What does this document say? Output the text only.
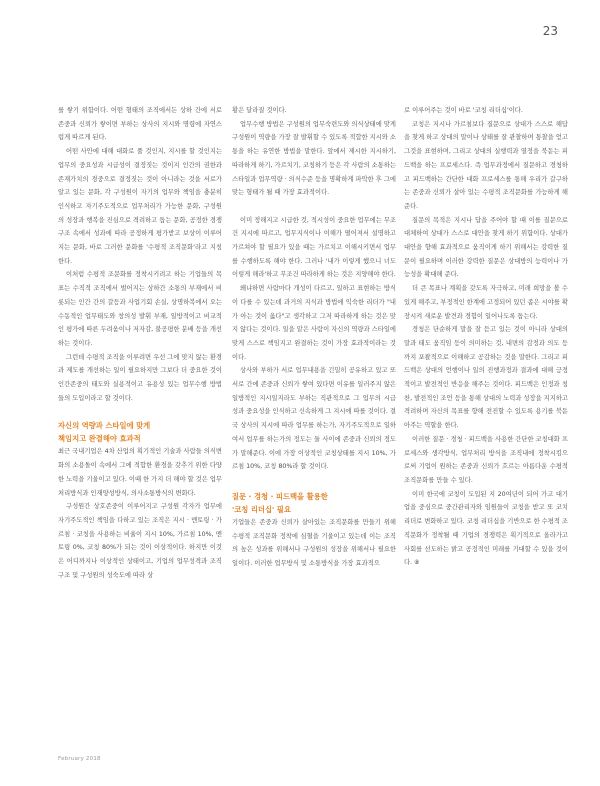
23

를 쌓기 위함이다. 어떤 형태의 조직에서든 상하 간에 서로 존중과 신뢰가 쌓이면 부하는 상사의 지시와 명령에 자연스럽게 따르게 된다.

어떤 사안에 대해 대화로 풀 것인지, 지시를 할 것인지는 업무의 중요성과 시급성이 결정짓는 것이지 인간의 권한과 존재가치의 경중으로 결정짓는 것이 아니라는 것을 서로가 알고 있는 문화, 각 구성원이 자기의 업무와 책임을 충분히 인식하고 자기주도적으로 업무처리가 가능한 문화, 구성원의 성장과 행복을 진심으로 격려하고 돕는 문화, 공정한 경쟁구조 속에서 성과에 따라 공정하게 평가받고 보상이 이루어지는 문화, 바로 그러한 문화를 '수평적 조직문화'라고 지칭한다.

이처럼 수평적 조문화를 정착시키려고 하는 기업들의 목표는 수직적 조직에서 벌어지는 상하간 소통의 부재에서 비롯되는 인간 간의 갈등과 사업기회 손실, 상명하복에서 오는 수동적인 업무태도와 창의성 발휘 부재, 일방적이고 비교적인 평가에 따른 두려움이나 저자감, 불공평한 분배 등을 개선하는 것이다.

그런데 수평적 조직을 이루려면 우선 그에 맞지 않는 환경과 제도를 개선하는 일이 필요하지만 그보다 더 중요한 것이 인간존중의 태도와 실용적이고 유용성 있는 업무수행 방법들의 도입이라고 할 것이다.

자신의 역량과 스타일에 맞게
책임지고 완결해야 효과적

최근 국내기업은 4차 산업의 획기적인 기술과 사람들 의식변화의 소용돌이 속에서 그에 적합한 환경을 갖추기 위한 다양한 노력을 기울이고 있다. 이때 한 가지 더 해야 할 것은 업무처리방식과 인재양성방식, 의사소통방식의 변화다.

구성원간 상호존중이 이루어지고 구성원 각자가 업무에 자기주도적인 책임을 다하고 있는 조직은 지시 · 멘토링 · 가르침 · 코칭을 사용하는 비율이 지시 10%, 가르침 10%, 멘토링 0%, 코칭 80%가 되는 것이 이상적이다. 하지만 이것은 어디까지나 이상적인 상태이고, 기업의 업무성격과 조직구조 및 구성원의 성숙도에 따라 상

황은 달라질 것이다.

업무수행 방법은 구성원의 업무숙련도와 의식상태에 맞게 구성원이 역량을 가장 잘 발휘할 수 있도록 적합한 지시와 소통을 하는 유연한 방법을 말한다. 앞에서 제시한 지시하기, 따라하게 하기, 가르치기, 코칭하기 등은 각 사람의 소통하는 스타일과 업무역량 · 의식수준 등을 명확하게 파악한 후 그에 맞는 형태가 될 때 가장 효과적이다.

이미 정해지고 시급한 것, 적시성이 중요한 업무에는 무조건 지시에 따르고, 업무지식이나 이해가 떨어져서 설명하고 가르쳐야 할 필요가 있을 때는 가르치고 이해시키면서 업무를 수행하도록 해야 한다. 그러나 '내가 이렇게 했으니 너도 이렇게 해라'하고 무조건 따라하게 하는 것은 지양해야 한다.

왜냐하면 사람마다 개성이 다르고, 일하고 표현하는 방식이 다를 수 있는데 과거의 지식과 방법에 익숙한 리더가 "내가 아는 것이 옳다"고 생각하고 그저 따라하게 하는 것은 맞지 않다는 것이다. 일을 맡은 사람이 자신의 역량과 스타일에 맞게 스스로 책임지고 완결하는 것이 가장 효과적이라는 것이다.

상사와 부하가 서로 업무내용을 긴밀히 공유하고 있고 또 서로 간에 존중과 신뢰가 쌓여 있다면 이유를 일러주지 않은 일방적인 지시일지라도 부하는 직관적으로 그 업무의 시급성과 중요성을 인식하고 신속하게 그 지시에 따를 것이다. 결국 상사의 지시에 따라 업무를 하는가, 자기주도적으로 일하여서 업무를 하는가의 정도는 둘 사이에 존중과 신뢰의 정도가 말해준다. 이에 가장 이상적인 코칭상태를 지시 10%, 가르침 10%, 코칭 80%라 할 것이다.

질문 · 경청 · 피드백을 활용한
'코칭 리더십' 필요

기업들은 존중과 신뢰가 살아있는 조직문화를 만들기 위해 수평적 조직문화 정착에 심혈을 기울이고 있는데 이는 조직의 높은 성과를 위해서나 구성원의 성장을 위해서나 필요한 일이다. 이러한 업무방식 및 소통방식을 가장 효과적으

로 이루어주는 것이 바로 '코칭 리더십'이다.

코칭은 지시나 가르침보다 질문으로 상대가 스스로 해답을 찾게 하고 상대의 말이나 상태를 잘 관찰하며 통찰을 얻고 그것을 표현하며, 그리고 상대의 실행력과 열정을 북돋는 피드백을 하는 프로세스다. 즉 업무과정에서 질문하고 경청하고 피드백하는 간단한 대화 프로세스를 통해 우리가 갈구하는 존중과 신뢰가 살아 있는 수평적 조직문화를 가능하게 해준다.

질문의 목적은 지시나 답을 주어야 할 때 이를 질문으로 대체하여 상대가 스스로 대안을 찾게 하기 위함이다. 상대가 대안을 향해 효과적으로 움직이게 하기 위해서는 강력한 질문이 필요하며 이러한 강력한 질문은 상대방의 능력이나 가능성을 확대해 준다.

더 큰 목표나 계획을 갖도록 자극하고, 미래 희망을 볼 수 있게 해주고, 부정적인 한계에 고정되어 있던 좁은 시야를 확장시켜 새로운 발견과 경험이 일어나도록 돕는다.

경청은 단순하게 말을 잘 듣고 있는 것이 아니라 상대의 말과 태도 움직임 등이 의미하는 것, 내면의 감정과 의도 등까지 포괄적으로 이해하고 공감하는 것을 말한다. 그리고 피드백은 상대의 언행이나 일의 진행과정과 결과에 대해 긍정적이고 발전적인 반응을 해주는 것이다. 피드백은 인정과 칭찬, 발전적인 조언 등을 통해 상대의 노력과 성장을 지지하고 격려하며 자신의 목표를 향해 전진할 수 있도록 용기를 북돋아주는 역할을 한다.

이러한 질문 · 경청 · 피드백을 사용한 간단한 코칭대화 프로세스와 생각방식, 업무처리 방식을 조직내에 정착시킴으로써 기업이 원하는 존중과 신뢰가 흐르는 아름다운 수평적 조직문화를 만들 수 있다.

이미 한국에 코칭이 도입된 지 20여년이 되어 가고 대기업을 중심으로 중간관리자와 임원들이 코칭을 받고 또 코치리더로 변화하고 있다. 코칭 리더십을 기반으로 한 수평적 조직문화가 정착될 때 기업의 경쟁력은 획기적으로 올라가고 사회를 선도하는 밝고 공정적인 미래를 기대할 수 있을 것이다. ⑧

February 2018
